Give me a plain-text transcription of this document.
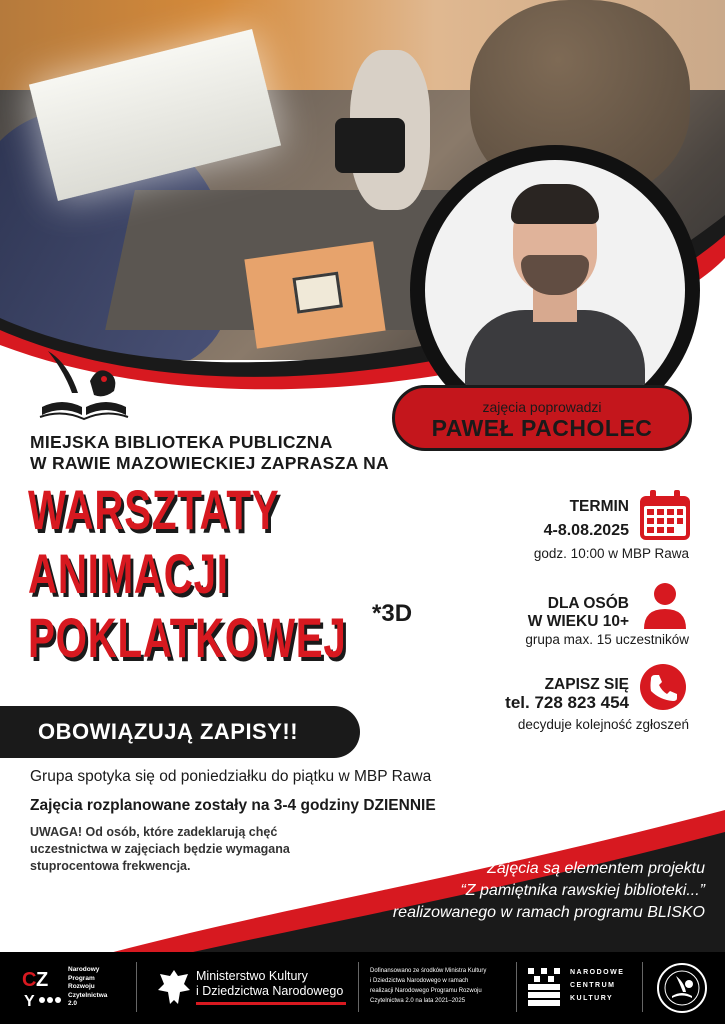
zajęcia poprowadzi
PAWEŁ PACHOLEC
MIEJSKA BIBLIOTEKA PUBLICZNA
W RAWIE MAZOWIECKIEJ ZAPRASZA NA
WARSZTATY
ANIMACJI
POKLATKOWEJ *3D
TERMIN
4-8.08.2025
godz. 10:00 w MBP Rawa
DLA OSÓB
W WIEKU 10+
grupa max. 15 uczestników
ZAPISZ SIĘ
tel. 728 823 454
decyduje kolejność zgłoszeń
OBOWIĄZUJĄ ZAPISY!!
Grupa spotyka się od poniedziałku do piątku w MBP Rawa
Zajęcia rozplanowane zostały na 3-4 godziny DZIENNIE
UWAGA! Od osób, które zadeklarują chęć
uczestnictwa w zajęciach będzie wymagana
stuprocentowa frekwencja.	Zajęcia są elementem projektu
“Z pamiętnika rawskiej biblioteki...”
realizowanego w ramach programu BLISKO
C Z
Y
Narodowy
Program
Rozwoju
Czytelnictwa
2.0
Ministerstwo Kultury
i Dziedzictwa Narodowego
Dofinansowano ze środków Ministra Kultury
i Dziedzictwa Narodowego w ramach
realizacji Narodowego Programu Rozwoju
Czytelnictwa 2.0 na lata 2021–2025
NARODOWE
CENTRUM
KULTURY
